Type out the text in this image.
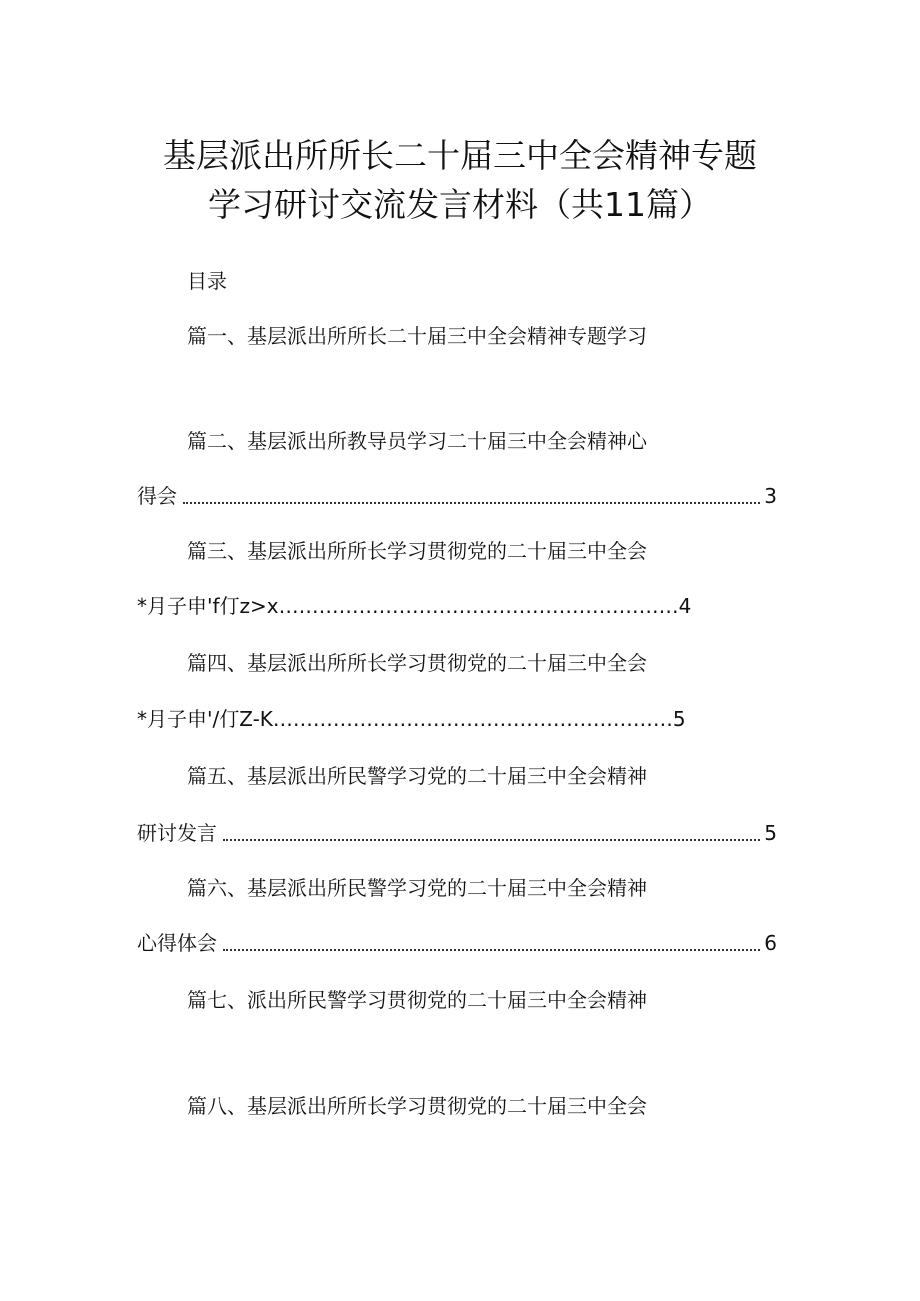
基层派出所所长二十届三中全会精神专题
学习研讨交流发言材料（共11篇）
目录
篇一、基层派出所所长二十届三中全会精神专题学习
篇二、基层派出所教导员学习二十届三中全会精神心
得会	3
篇三、基层派出所所长学习贯彻党的二十届三中全会
*月子申'f仃z>x……………………………………………………4
篇四、基层派出所所长学习贯彻党的二十届三中全会
*月子申'/仃Z-K……………………………………………………5
篇五、基层派出所民警学习党的二十届三中全会精神
研讨发言	5
篇六、基层派出所民警学习党的二十届三中全会精神
心得体会	6
篇七、派出所民警学习贯彻党的二十届三中全会精神
篇八、基层派出所所长学习贯彻党的二十届三中全会
